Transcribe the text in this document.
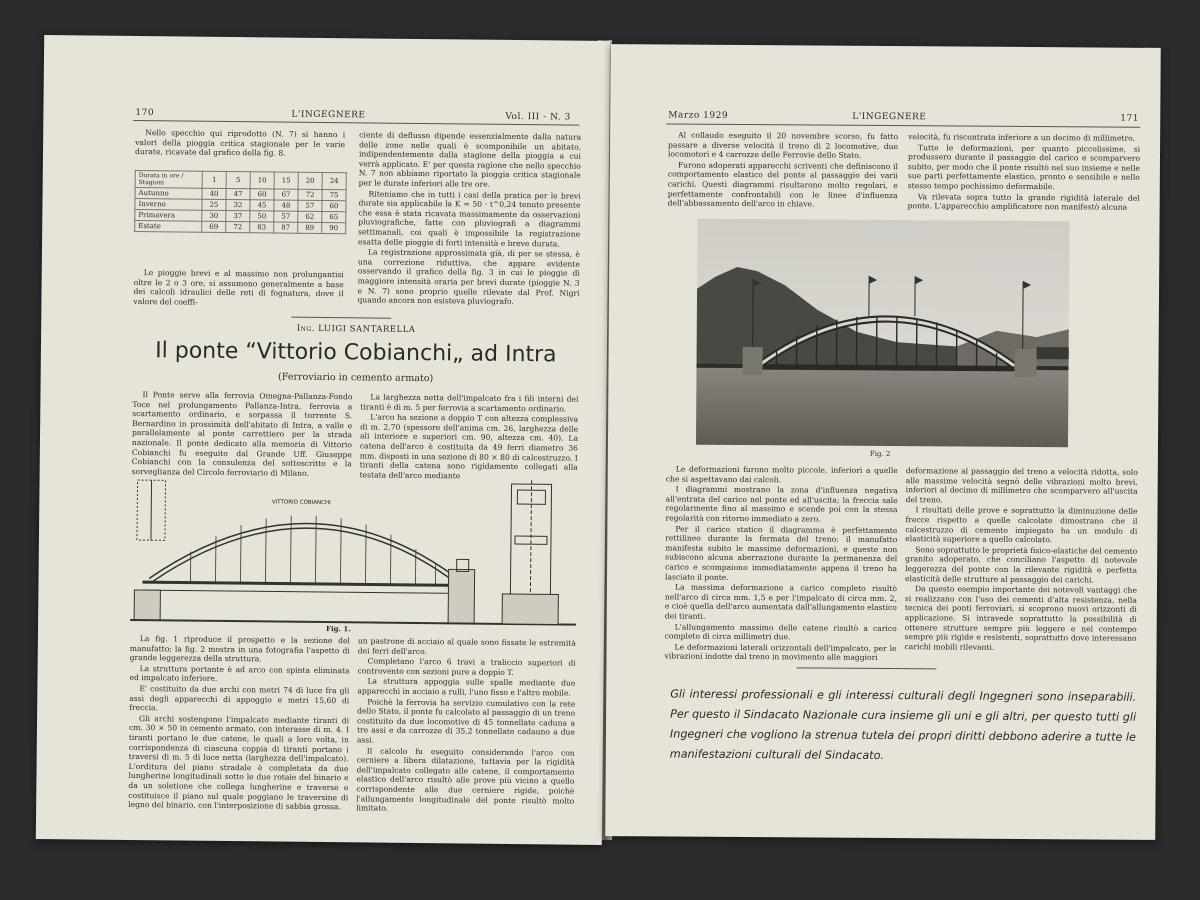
170	L'INGEGNERE	Vol. III - N. 3

Nello specchio qui riprodotto (N. 7) si hanno i valori della pioggia critica stagionale per le varie durate, ricavate dal grafico della fig. 8.

Durata in ore / Stagioni	1	5	10	15	20	24
Autunno	40	47	60	67	72	75
Inverno	25	32	45	48	57	60
Primavera	30	37	50	57	62	65
Estate	69	72	83	87	89	90

Le pioggie brevi e al massimo non prolungantisi oltre le 2 o 3 ore, si assumono generalmente a base dei calcoli idraulici delle reti di fognatura, dove il valore del coeffi-

ciente di deflusso dipende essenzialmente dalla natura delle zone nelle quali è scomponibile un abitato, indipendentemente dalla stagione della pioggia a cui verrà applicato. E' per questa ragione che nello specchio N. 7 non abbiamo riportato la pioggia critica stagionale per le durate inferiori alle tre ore.

Riteniamo che in tutti i casi della pratica per le brevi durate sia applicabile la K = 50 · t^0,24 tenuto presente che essa è stata ricavata massimamente da osservazioni pluviografiche, fatte con pluviografi a diagrammi settimanali, coi quali è impossibile la registrazione esatta delle pioggie di forti intensità e breve durata.

La registrazione approssimata già, di per se stessa, è una correzione riduttiva, che appare evidente osservando il grafico della fig. 3 in cui le pioggie di maggiore intensità oraria per brevi durate (pioggie N. 3 e N. 7) sono proprio quelle rilevate dal Prof. Nigri quando ancora non esisteva pluviografo.

Ing. LUIGI SANTARELLA
Il ponte “Vittorio Cobianchi„ ad Intra
(Ferroviario in cemento armato)

Il Ponte serve alla ferrovia Omegna-Pallanza-Fondo Toce nel prolungamento Pallanza-Intra, ferrovia a scartamento ordinario, e sorpassa il torrente S. Bernardino in prossimità dell'abitato di Intra, a valle e parallelamente al ponte carrettiero per la strada nazionale. Il ponte dedicato alla memoria di Vittorio Cobianchi fu eseguito dal Grande Uff. Giuseppe Cobianchi con la consulenza del sottoscritto e la sorveglianza del Circolo ferroviario di Milano.

La larghezza netta dell'impalcato fra i fili interni dei tiranti è di m. 5 per ferrovia a scartamento ordinario.

L'arco ha sezione a doppio T con altezza complessiva di m. 2,70 (spessore dell'anima cm. 26, larghezza delle ali interiore e superiori cm. 90, altezza cm. 40). La catena dell'arco è costituita da 49 ferri diametro 36 mm. disposti in una sezione di 80 × 80 di calcestruzzo. I tiranti della catena sono rigidamente collegati alla testata dell'arco mediante

VITTORIO COBIANCHI
Fig. 1.

La fig. 1 riproduce il prospetto e la sezione del manufatto; la fig. 2 mostra in una fotografia l'aspetto di grande leggerezza della struttura.

La struttura portante è ad arco con spinta eliminata ed impalcato inferiore.

E' costituito da due archi con metri 74 di luce fra gli assi degli apparecchi di appoggio e metri 15,60 di freccia.

Gli archi sostengono l'impalcato mediante tiranti di cm. 30 × 50 in cemento armato, con interasse di m. 4. I tiranti portano le due catene, le quali a loro volta, in corrispondenza di ciascuna coppia di tiranti portano i traversi di m. 5 di luce netta (larghezza dell'impalcato). L'orditura del piano stradale è completata da due lungherine longitudinali sotto le due rotaie del binario e da un soletione che collega lungherine e traverse e costituisce il piano sul quale poggiano le traversine di legno del binario, con l'interposizione di sabbia grossa.

un pastrone di acciaio al quale sono fissate le estremità dei ferri dell'arco.

Completano l'arco 6 travi a traliccio superiori di controvento con sezioni pure a doppio T.

La struttura appoggia sulle spalle mediante due apparecchi in acciaio a rulli, l'uno fisso e l'altro mobile.

Poichè la ferrovia ha servizio cumulativo con la rete dello Stato, il ponte fu calcolato al passaggio di un treno costituito da due locomotive di 45 tonnellate caduna a tre assi e da carrozze di 35,2 tonnellate cadauno a due assi.

Il calcolo fu eseguito considerando l'arco con cerniere a libera dilatazione, tuttavia per la rigidità dell'impalcato collegato alle catene, il comportamento elastico dell'arco risultò alle prove più vicino a quello corrispondente alle due cerniere rigide, poichè l'allungamento longitudinale del ponte risultò molto limitato.

Marzo 1929	L'INGEGNERE	171

Al collaudo eseguito il 20 novembre scorso, fu fatto passare a diverse velocità il treno di 2 locomotive, due locomotori e 4 carrozze delle Ferrovie dello Stato.

Furono adoperati apparecchi scriventi che definiscono il comportamento elastico del ponte al passaggio dei varii carichi. Questi diagrammi risultarono molto regolari, e perfettamente confrontabili con le linee d'influenza dell'abbassamento dell'arco in chiave.

velocità, fu riscontrata inferiore a un decimo di millimetro.

Tutte le deformazioni, per quanto piccolissime, si produssero durante il passaggio del carico e scomparvero subito, per modo che il ponte risultò nel suo insieme e nelle sue parti perfettamente elastico, pronto e sensibile e nello stesso tempo pochissimo deformabile.

Va rilevata sopra tutto la grande rigidità laterale del ponte. L'apparecchio amplificatore non manifestò alcuna

Fig. 2

Le deformazioni furono molto piccole, inferiori a quelle che si aspettavano dai calcoli.

I diagrammi mostrano la zona d'influenza negativa all'entrata del carico nel ponte ed all'uscita; la freccia sale regolarmente fino al massimo e scende poi con la stessa regolarità con ritorno immediato a zero.

Per il carico statico il diagramma è perfettamente rettilineo durante la fermata del treno; il manufatto manifesta subito le massime deformazioni, e queste non subiscono alcuna aberrazione durante la permanenza del carico e scompaiono immediatamente appena il treno ha lasciato il ponte.

La massima deformazione a carico completo risultò nell'arco di circa mm. 1,5 e per l'impalcato di circa mm. 2, e cioè quella dell'arco aumentata dall'allungamento elastico dei tiranti.

L'allungamento massimo delle catene risultò a carico completo di circa millimetri due.

Le deformazioni laterali orizzontali dell'impalcato, per le vibrazioni indotte dal treno in movimento alle maggiori

deformazione al passaggio del treno a velocità ridotta, solo alle massime velocità segnò delle vibrazioni molto brevi, inferiori al decimo di millimetro che scomparvero all'uscita del treno.

I risultati delle prove e soprattutto la diminuzione delle frecce rispetto a quelle calcolate dimostrano che il calcestruzzo di cemento impiegato ha un modulo di elasticità superiore a quello calcolato.

Sono soprattutto le proprietà fisico-elastiche del cemento granito adoperato, che conciliano l'aspetto di notevole leggerezza del ponte con la rilevante rigidità e perfetta elasticità delle strutture al passaggio dei carichi.

Da questo esempio importante dei notevoli vantaggi che si realizzano con l'uso dei cementi d'alta resistenza, nella tecnica dei ponti ferroviari, si scoprono nuovi orizzonti di applicazione. Si intravede soprattutto la possibilità di ottenere strutture sempre più leggere e nel contempo sempre più rigide e resistenti, soprattutto dove interessano carichi mobili rilevanti.

Gli interessi professionali e gli interessi culturali degli Ingegneri sono inseparabili. Per questo il Sindacato Nazionale cura insieme gli uni e gli altri, per questo tutti gli Ingegneri che vogliono la strenua tutela dei propri diritti debbono aderire a tutte le manifestazioni culturali del Sindacato.
